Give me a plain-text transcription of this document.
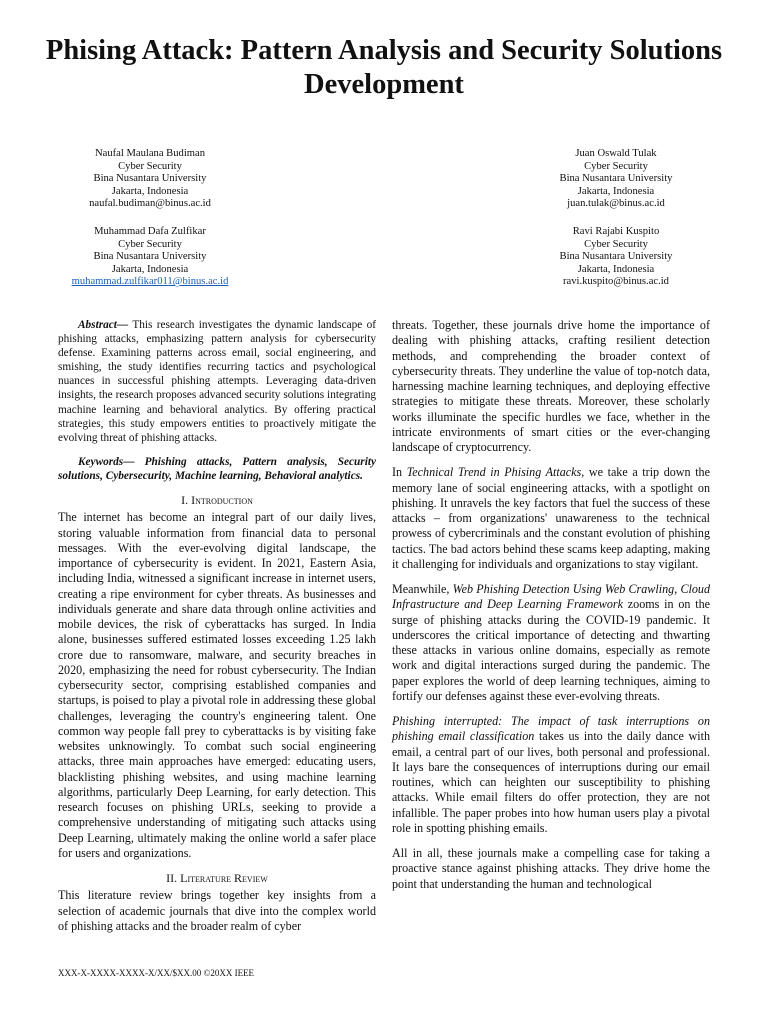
Phising Attack: Pattern Analysis and Security Solutions Development
Naufal Maulana Budiman
Cyber Security
Bina Nusantara University
Jakarta, Indonesia
naufal.budiman@binus.ac.id
Juan Oswald Tulak
Cyber Security
Bina Nusantara University
Jakarta, Indonesia
juan.tulak@binus.ac.id
Muhammad Dafa Zulfikar
Cyber Security
Bina Nusantara University
Jakarta, Indonesia
muhammad.zulfikar011@binus.ac.id
Ravi Rajabi Kuspito
Cyber Security
Bina Nusantara University
Jakarta, Indonesia
ravi.kuspito@binus.ac.id

Abstract— This research investigates the dynamic landscape of phishing attacks, emphasizing pattern analysis for cybersecurity defense. Examining patterns across email, social engineering, and smishing, the study identifies recurring tactics and psychological nuances in successful phishing attempts. Leveraging data-driven insights, the research proposes advanced security solutions integrating machine learning and behavioral analytics. By offering practical strategies, this study empowers entities to proactively mitigate the evolving threat of phishing attacks.

Keywords— Phishing attacks, Pattern analysis, Security solutions, Cybersecurity, Machine learning, Behavioral analytics.

I. Introduction

The internet has become an integral part of our daily lives, storing valuable information from financial data to personal messages. With the ever-evolving digital landscape, the importance of cybersecurity is evident. In 2021, Eastern Asia, including India, witnessed a significant increase in internet users, creating a ripe environment for cyber threats. As businesses and individuals generate and share data through online activities and mobile devices, the risk of cyberattacks has surged. In India alone, businesses suffered estimated losses exceeding 1.25 lakh crore due to ransomware, malware, and security breaches in 2020, emphasizing the need for robust cybersecurity. The Indian cybersecurity sector, comprising established companies and startups, is poised to play a pivotal role in addressing these global challenges, leveraging the country's engineering talent. One common way people fall prey to cyberattacks is by visiting fake websites unknowingly. To combat such social engineering attacks, three main approaches have emerged: educating users, blacklisting phishing websites, and using machine learning algorithms, particularly Deep Learning, for early detection. This research focuses on phishing URLs, seeking to provide a comprehensive understanding of mitigating such attacks using Deep Learning, ultimately making the online world a safer place for users and organizations.

II. Literature Review

This literature review brings together key insights from a selection of academic journals that dive into the complex world of phishing attacks and the broader realm of cyber

threats. Together, these journals drive home the importance of dealing with phishing attacks, crafting resilient detection methods, and comprehending the broader context of cybersecurity threats. They underline the value of top-notch data, harnessing machine learning techniques, and deploying effective strategies to mitigate these threats. Moreover, these scholarly works illuminate the specific hurdles we face, whether in the intricate environments of smart cities or the ever-changing landscape of cryptocurrency.

In Technical Trend in Phising Attacks, we take a trip down the memory lane of social engineering attacks, with a spotlight on phishing. It unravels the key factors that fuel the success of these attacks – from organizations' unawareness to the technical prowess of cybercriminals and the constant evolution of phishing tactics. The bad actors behind these scams keep adapting, making it challenging for individuals and organizations to stay vigilant.

Meanwhile, Web Phishing Detection Using Web Crawling, Cloud Infrastructure and Deep Learning Framework zooms in on the surge of phishing attacks during the COVID-19 pandemic. It underscores the critical importance of detecting and thwarting these attacks in various online domains, especially as remote work and digital interactions surged during the pandemic. The paper explores the world of deep learning techniques, aiming to fortify our defenses against these ever-evolving threats.

Phishing interrupted: The impact of task interruptions on phishing email classification takes us into the daily dance with email, a central part of our lives, both personal and professional. It lays bare the consequences of interruptions during our email routines, which can heighten our susceptibility to phishing attacks. While email filters do offer protection, they are not infallible. The paper probes into how human users play a pivotal role in spotting phishing emails.

All in all, these journals make a compelling case for taking a proactive stance against phishing attacks. They drive home the point that understanding the human and technological

XXX-X-XXXX-XXXX-X/XX/$XX.00 ©20XX IEEE
